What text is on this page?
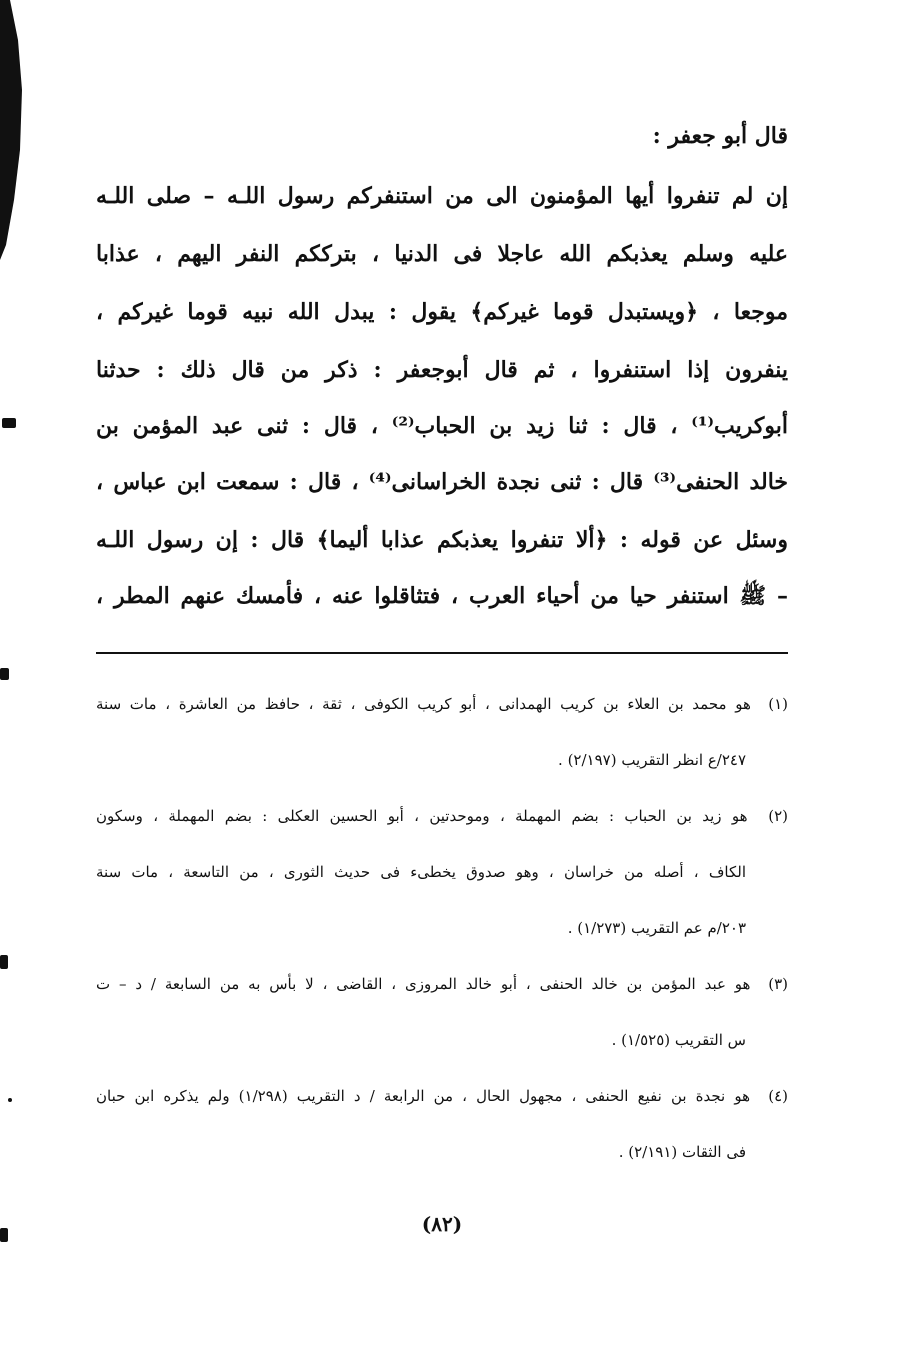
قال أبو جعفر :
إن لم تنفروا أيها المؤمنون الى من استنفركم رسول اللـه – صلى اللـه
عليه وسلم يعذبكم الله عاجلا فى الدنيا ، بترككم النفر اليهم ، عذابا
موجعا ، ﴿ويستبدل قوما غيركم﴾ يقول : يبدل الله نبيه قوما غيركم ،
ينفرون إذا استنفروا ، ثم قال أبوجعفر : ذكر من قال ذلك : حدثنا
أبوكريب⁽¹⁾ ، قال : ثنا زيد بن الحباب⁽²⁾ ، قال : ثنى عبد المؤمن بن
خالد الحنفى⁽³⁾ قال : ثنى نجدة الخراسانى⁽⁴⁾ ، قال : سمعت ابن عباس ،
وسئل عن قوله : ﴿ألا تنفروا يعذبكم عذابا أليما﴾ قال : إن رسول اللـه
– ﷺ استنفر حيا من أحياء العرب ، فتثاقلوا عنه ، فأمسك عنهم المطر ،
(١)  هو محمد بن العلاء بن كريب الهمدانى ، أبو كريب الكوفى ، ثقة ، حافظ من العاشرة ، مات سنة
٢٤٧/ع انظر التقريب (٢/١٩٧) .
(٢)  هو زيد بن الحباب : بضم المهملة ، وموحدتين ، أبو الحسين العكلى : بضم المهملة ، وسكون
الكاف ، أصله من خراسان ، وهو صدوق يخطىء فى حديث الثورى ، من التاسعة ، مات سنة
٢٠٣/م عم التقريب (١/٢٧٣) .
(٣)  هو عبد المؤمن بن خالد الحنفى ، أبو خالد المروزى ، القاضى ، لا بأس به من السابعة / د – ت
س التقريب (١/٥٢٥) .
(٤)  هو نجدة بن نفيع الحنفى ، مجهول الحال ، من الرابعة / د التقريب (١/٢٩٨) ولم يذكره ابن حبان
فى الثقات (٢/١٩١) .
(٨٢)
